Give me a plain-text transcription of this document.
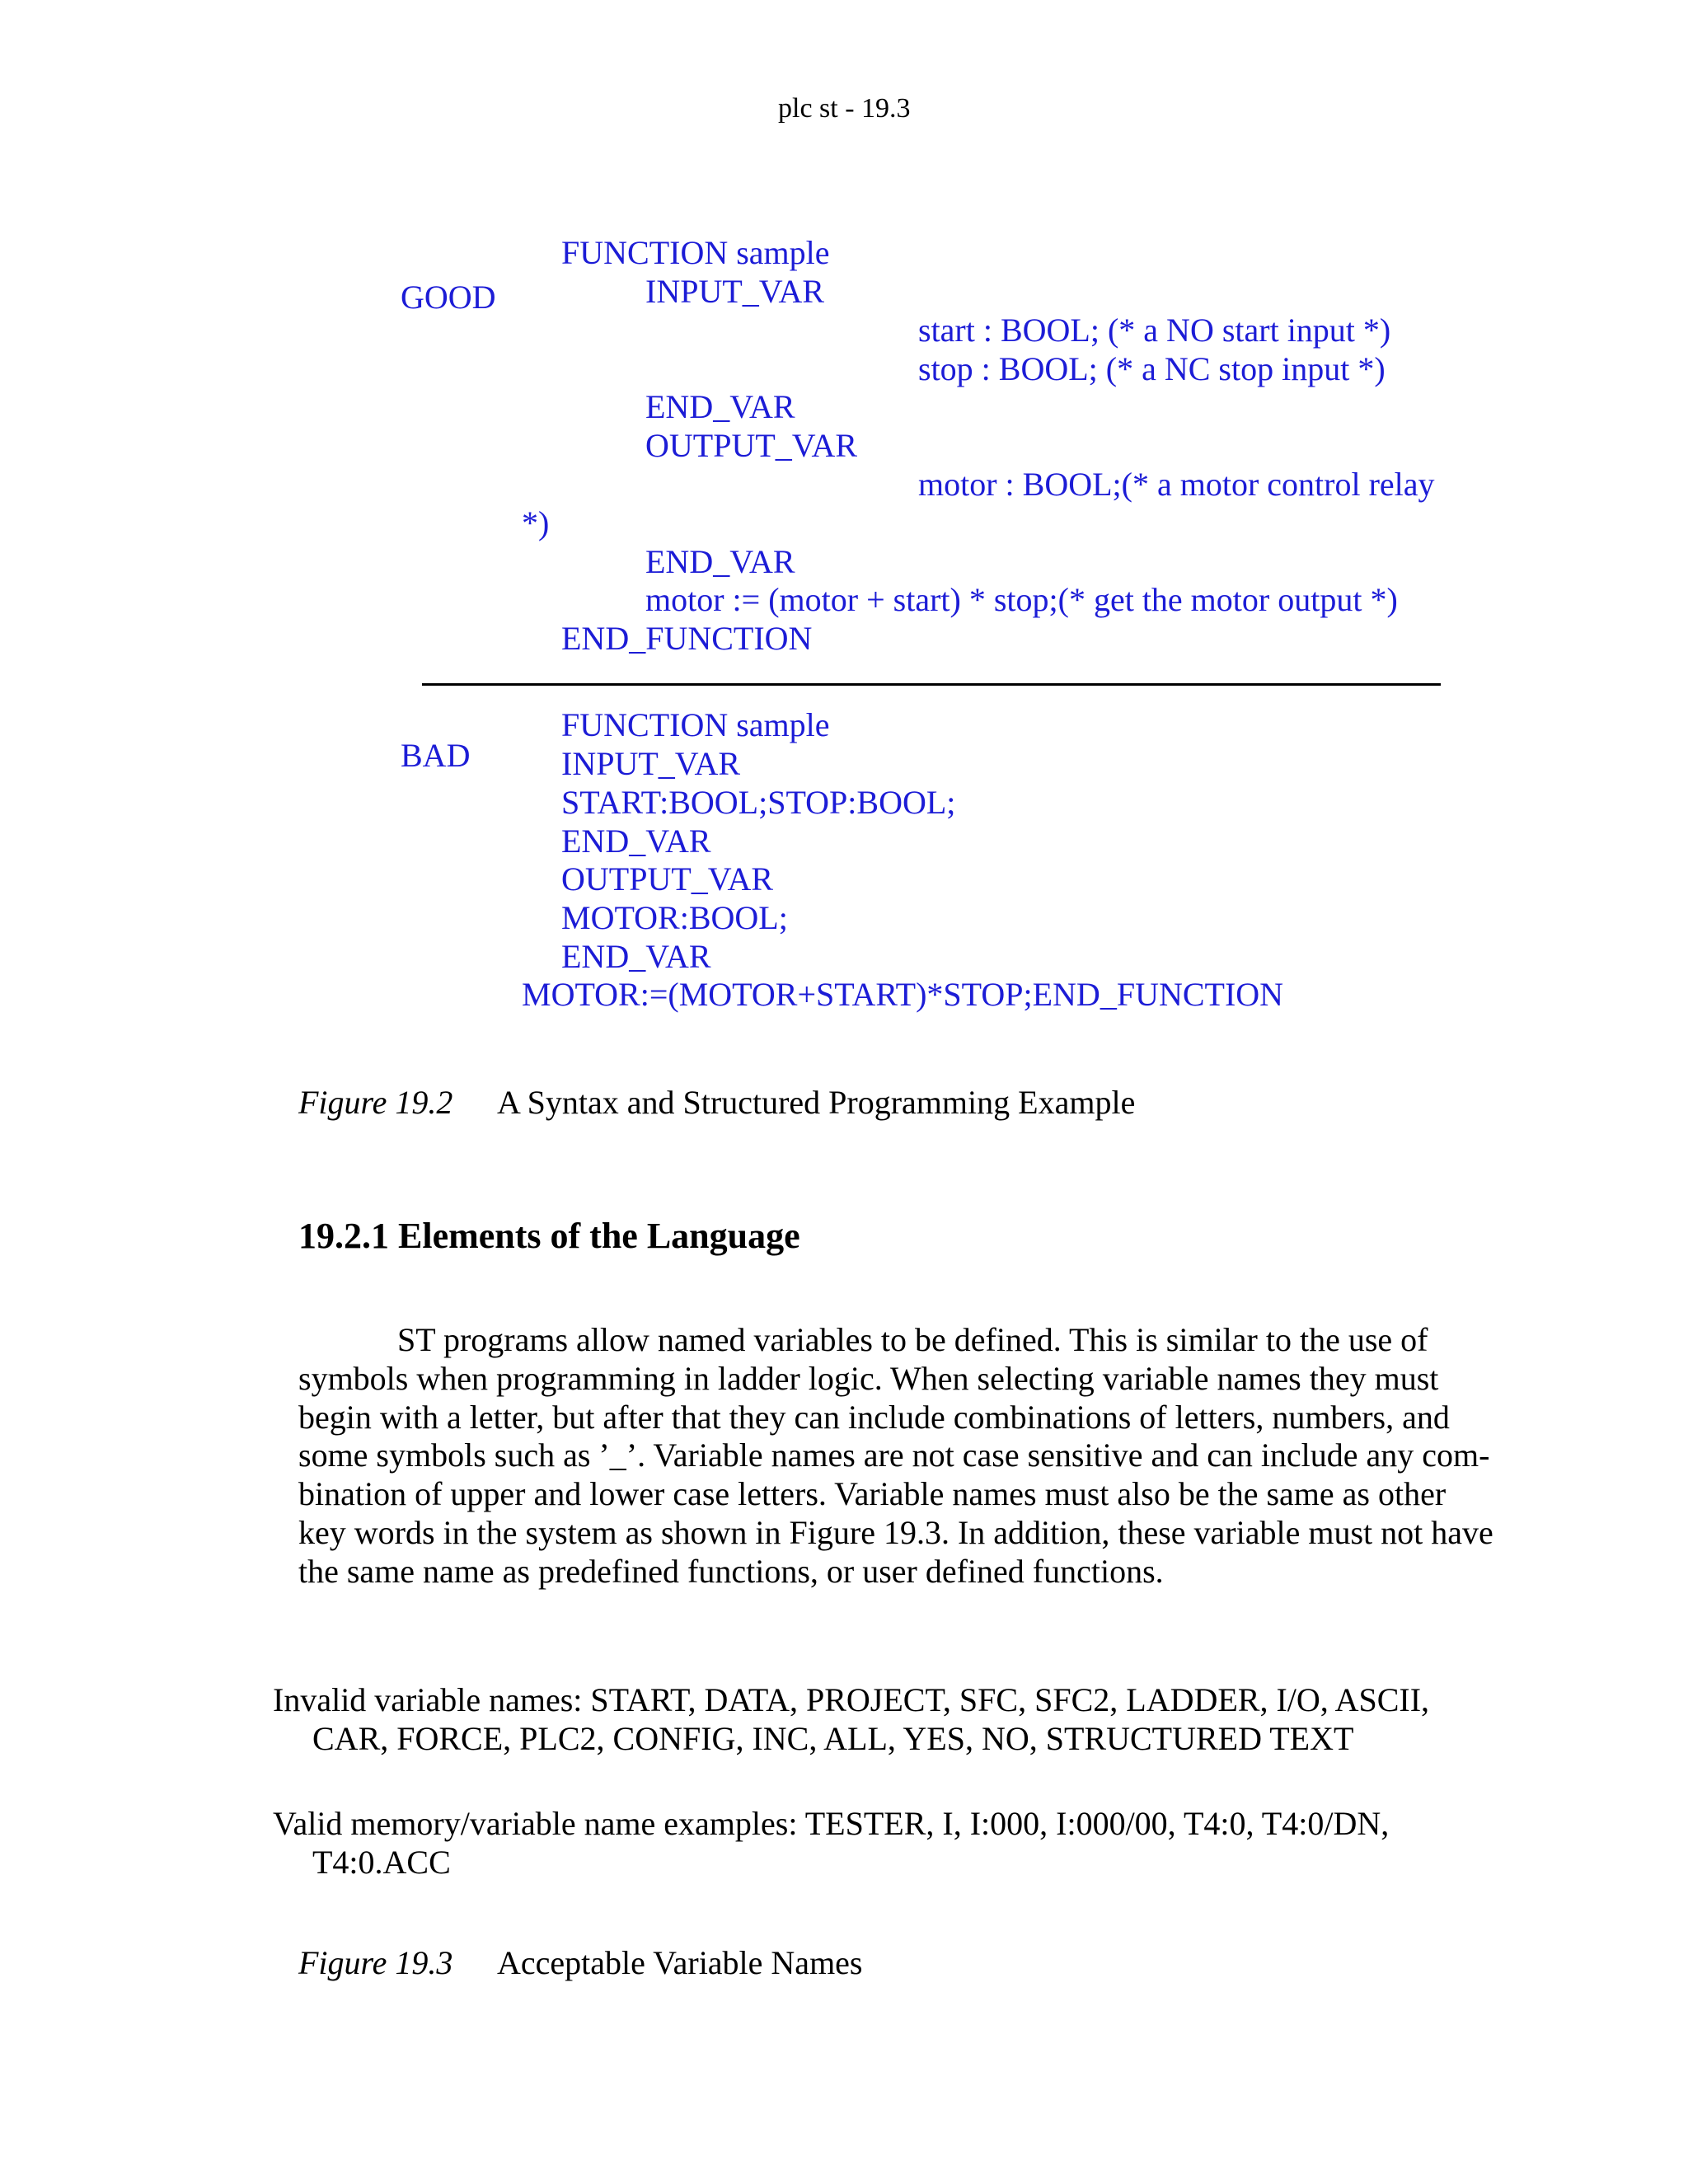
plc st - 19.3
GOOD
FUNCTION sample
INPUT_VAR
start : BOOL; (* a NO start input *)
stop : BOOL; (* a NC stop input *)
END_VAR
OUTPUT_VAR
motor : BOOL;(* a motor control relay
*)
END_VAR
motor := (motor + start) * stop;(* get the motor output *)
END_FUNCTION
BAD
FUNCTION sample
INPUT_VAR
START:BOOL;STOP:BOOL;
END_VAR
OUTPUT_VAR
MOTOR:BOOL;
END_VAR
MOTOR:=(MOTOR+START)*STOP;END_FUNCTION
Figure 19.2 A Syntax and Structured Programming Example
19.2.1 Elements of the Language
ST programs allow named variables to be defined. This is similar to the use of
symbols when programming in ladder logic. When selecting variable names they must
begin with a letter, but after that they can include combinations of letters, numbers, and
some symbols such as ’_’. Variable names are not case sensitive and can include any com-
bination of upper and lower case letters. Variable names must also be the same as other
key words in the system as shown in Figure 19.3. In addition, these variable must not have
the same name as predefined functions, or user defined functions.
Invalid variable names: START, DATA, PROJECT, SFC, SFC2, LADDER, I/O, ASCII,
CAR, FORCE, PLC2, CONFIG, INC, ALL, YES, NO, STRUCTURED TEXT
Valid memory/variable name examples: TESTER, I, I:000, I:000/00, T4:0, T4:0/DN,
T4:0.ACC
Figure 19.3 Acceptable Variable Names
